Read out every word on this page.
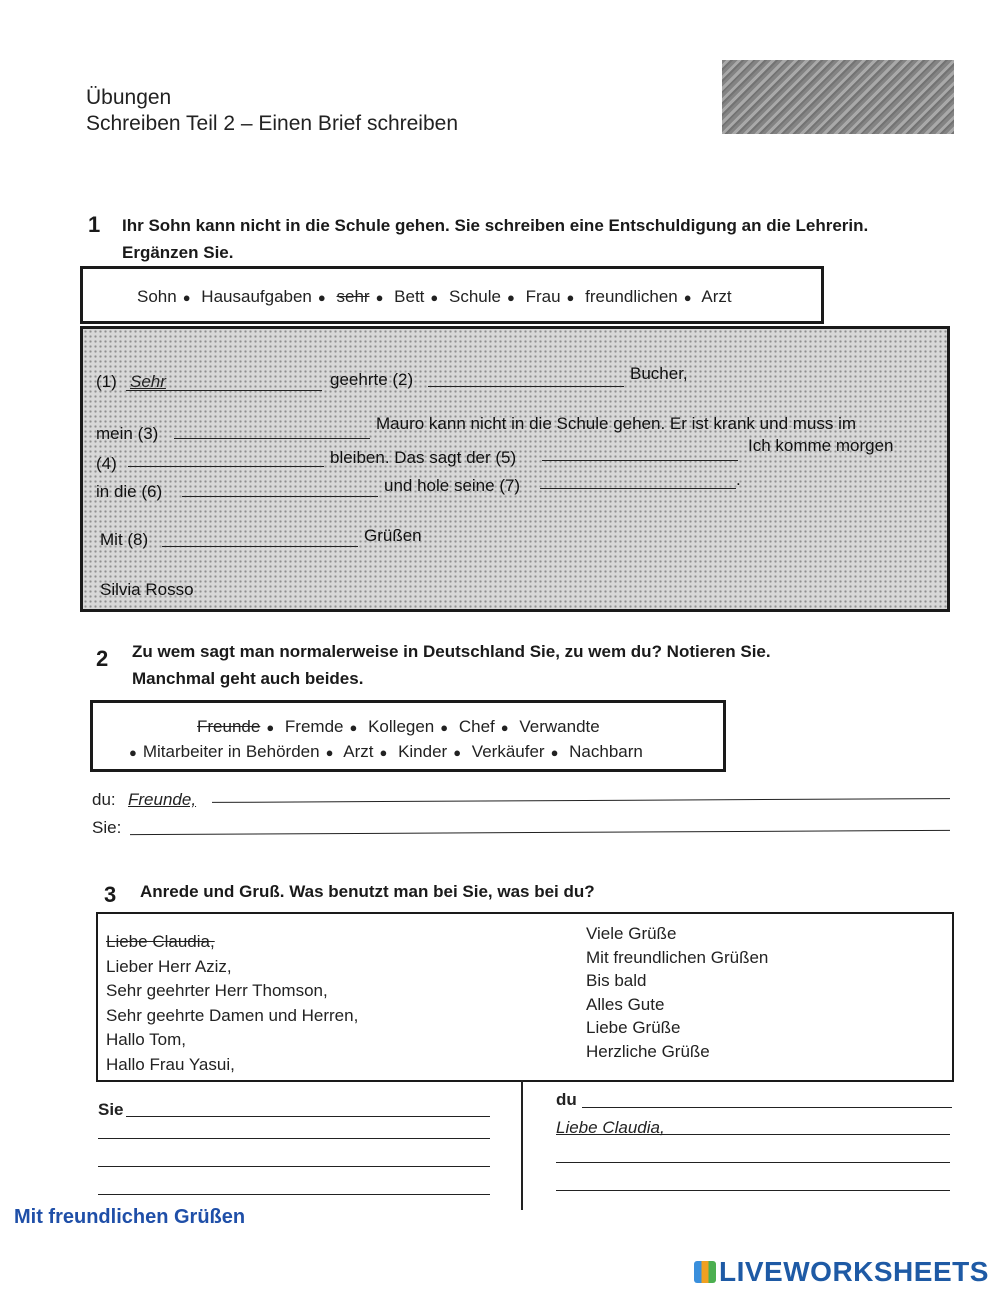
Übungen
Schreiben Teil 2 – Einen Brief schreiben
1 Ihr Sohn kann nicht in die Schule gehen. Sie schreiben eine Entschuldigung an die Lehrerin.
Ergänzen Sie.
Sohn ● Hausaufgaben ● sehr ● Bett ● Schule ● Frau ● freundlichen ● Arzt
(1) Sehr	geehrte (2)	Bucher,
mein (3)
Mauro kann nicht in die Schule gehen. Er ist krank und muss im
(4)	bleiben. Das sagt der (5)
Ich komme morgen
in die (6)	und hole seine (7)	.
Mit (8)	Grüßen
Silvia Rosso
2 Zu wem sagt man normalerweise in Deutschland Sie, zu wem du? Notieren Sie.
Manchmal geht auch beides.
Freunde ● Fremde ● Kollegen ● Chef ● Verwandte
● Mitarbeiter in Behörden ● Arzt ● Kinder ● Verkäufer ● Nachbarn
du: Freunde,
Sie:
3 Anrede und Gruß. Was benutzt man bei Sie, was bei du?
Liebe Claudia,
Lieber Herr Aziz,
Sehr geehrter Herr Thomson,
Sehr geehrte Damen und Herren,
Hallo Tom,
Hallo Frau Yasui,
Viele Grüße
Mit freundlichen Grüßen
Bis bald
Alles Gute
Liebe Grüße
Herzliche Grüße
Sie
du
Liebe Claudia,
Mit freundlichen Grüßen
LIVEWORKSHEETS
